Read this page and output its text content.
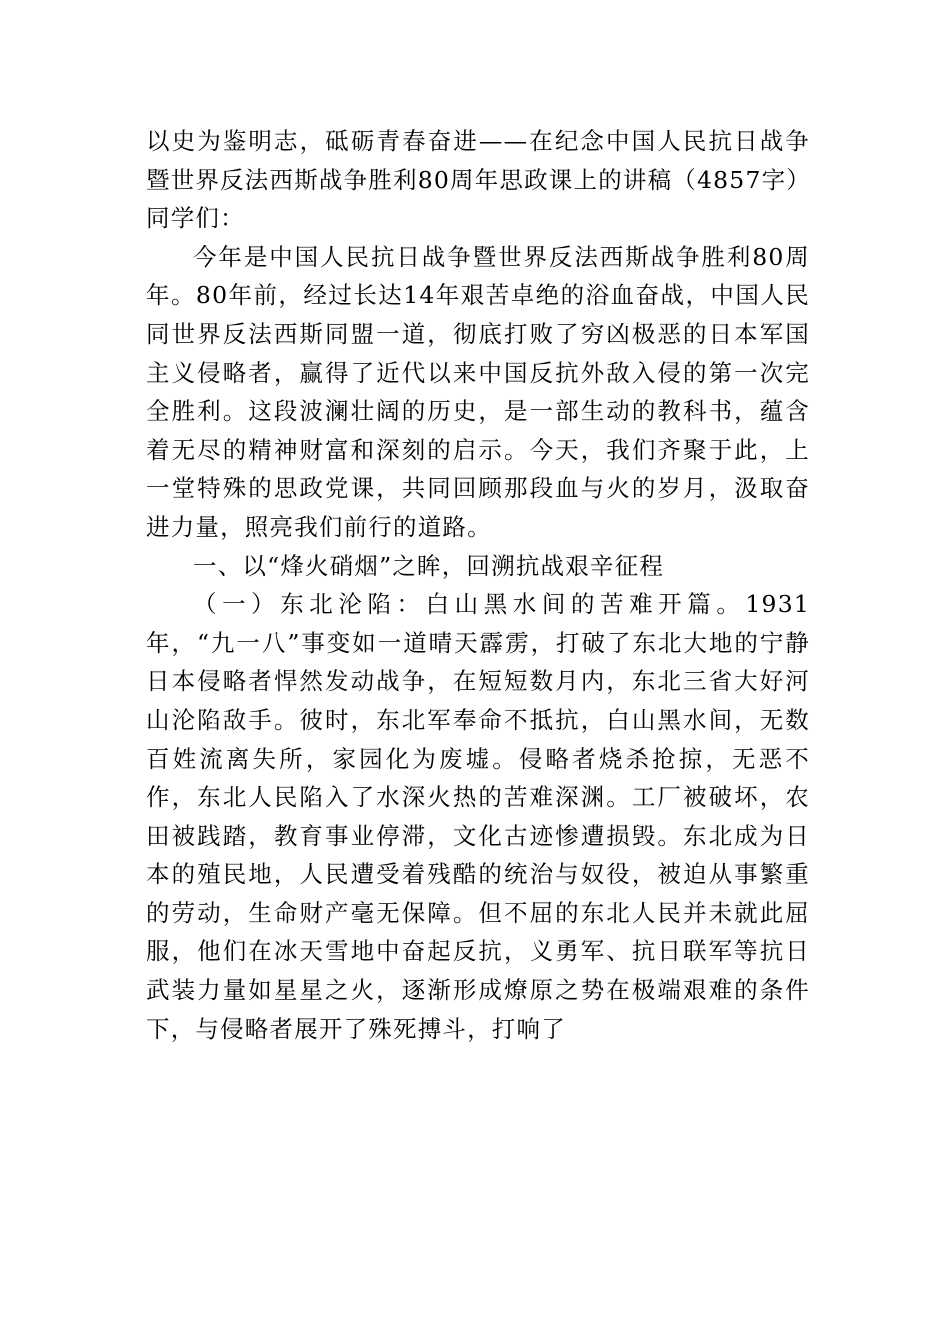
以史为鉴明志，砥砺青春奋进——在纪念中国人民抗日战争暨世界反法西斯战争胜利80周年思政课上的讲稿（4857字）

同学们：

今年是中国人民抗日战争暨世界反法西斯战争胜利80周年。80年前，经过长达14年艰苦卓绝的浴血奋战，中国人民同世界反法西斯同盟一道，彻底打败了穷凶极恶的日本军国主义侵略者，赢得了近代以来中国反抗外敌入侵的第一次完全胜利。这段波澜壮阔的历史，是一部生动的教科书，蕴含着无尽的精神财富和深刻的启示。今天，我们齐聚于此，上一堂特殊的思政党课，共同回顾那段血与火的岁月，汲取奋进力量，照亮我们前行的道路。

一、以“烽火硝烟”之眸，回溯抗战艰辛征程

（一）东北沦陷：白山黑水间的苦难开篇。1931年，“九一八”事变如一道晴天霹雳，打破了东北大地的宁静日本侵略者悍然发动战争，在短短数月内，东北三省大好河山沦陷敌手。彼时，东北军奉命不抵抗，白山黑水间，无数百姓流离失所，家园化为废墟。侵略者烧杀抢掠，无恶不作，东北人民陷入了水深火热的苦难深渊。工厂被破坏，农田被践踏，教育事业停滞，文化古迹惨遭损毁。东北成为日本的殖民地，人民遭受着残酷的统治与奴役，被迫从事繁重的劳动，生命财产毫无保障。但不屈的东北人民并未就此屈服，他们在冰天雪地中奋起反抗，义勇军、抗日联军等抗日武装力量如星星之火，逐渐形成燎原之势在极端艰难的条件下，与侵略者展开了殊死搏斗，打响了
